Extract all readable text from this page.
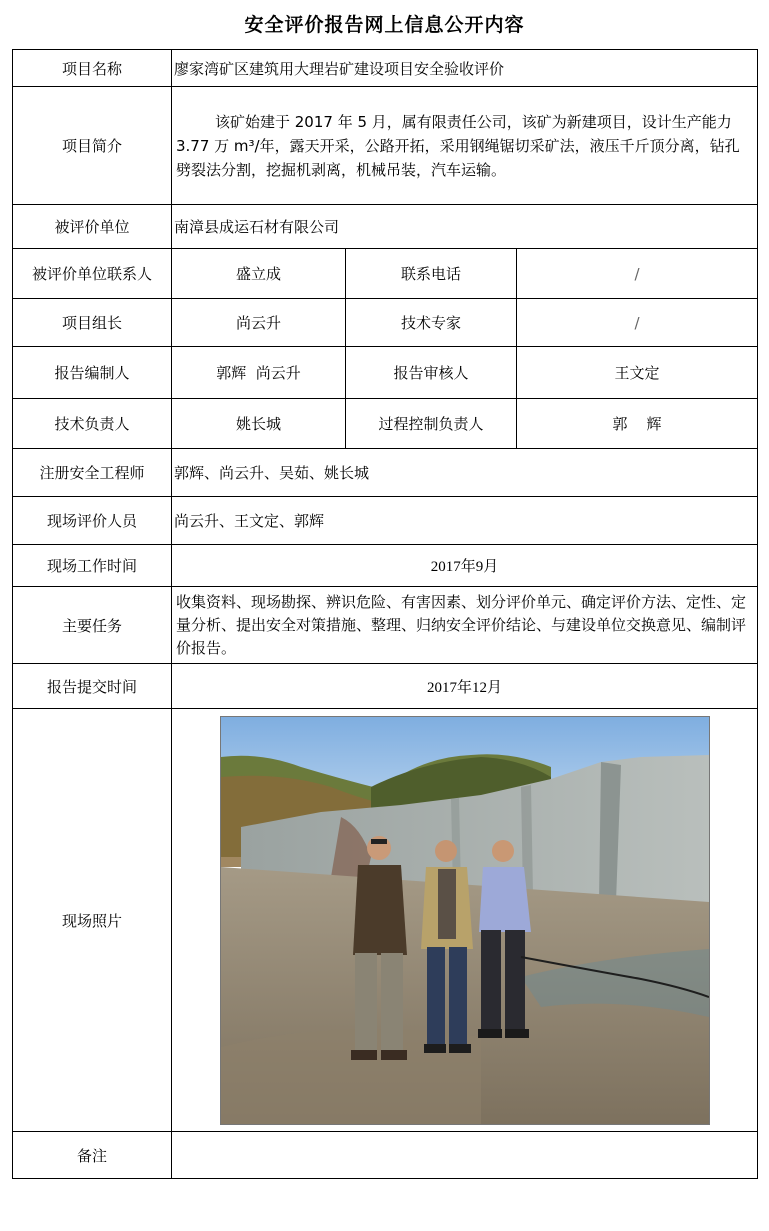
安全评价报告网上信息公开内容
项目名称	廖家湾矿区建筑用大理岩矿建设项目安全验收评价		
项目简介	该矿始建于 2017 年 5 月，属有限责任公司，该矿为新建项目，设计生产能力 3.77 万 m³/年，露天开采，公路开拓，采用钢绳锯切采矿法，液压千斤顶分离，钻孔劈裂法分割，挖掘机剥离，机械吊装，汽车运输。		

被评价单位	南漳县成运石材有限公司		
被评价单位联系人	盛立成	联系电话	/
项目组长	尚云升	技术专家	/
报告编制人	郭辉  尚云升	报告审核人	王文定
技术负责人	姚长城	过程控制负责人	郭    辉
注册安全工程师	郭辉、尚云升、吴茹、姚长城		
现场评价人员	尚云升、王文定、郭辉		
现场工作时间	2017年9月		
主要任务	收集资料、现场勘探、辨识危险、有害因素、划分评价单元、确定评价方法、定性、定量分析、提出安全对策措施、整理、归纳安全评价结论、与建设单位交换意见、编制评价报告。		

报告提交时间	2017年12月		
现场照片	

备注			
